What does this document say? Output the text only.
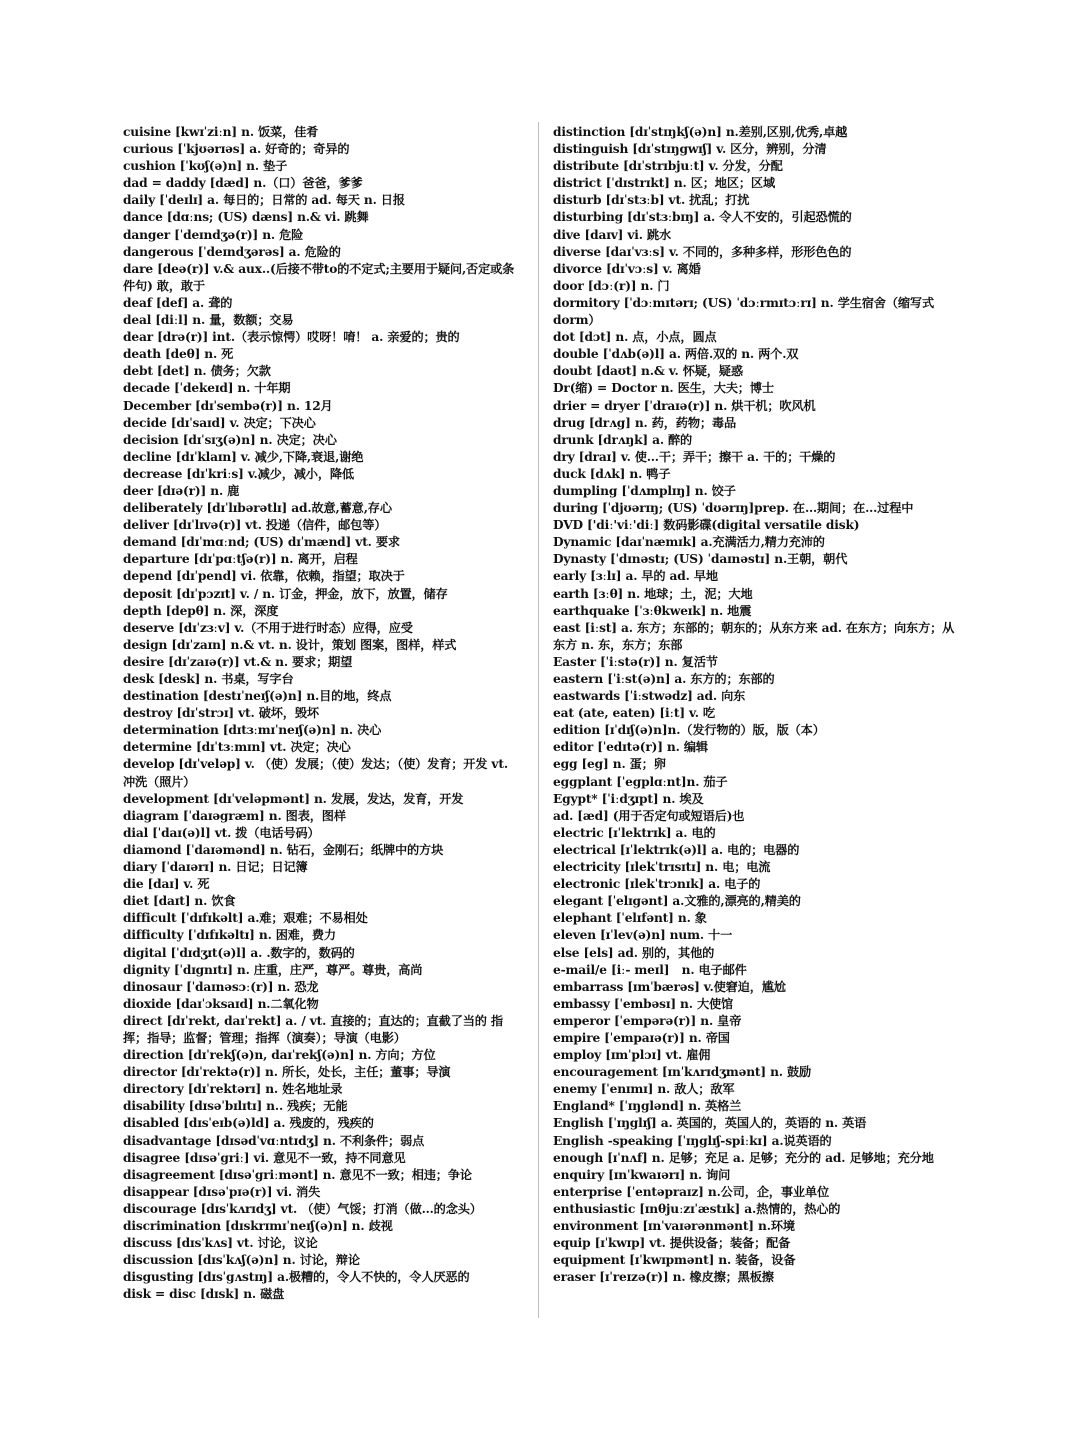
cuisine [kwɪˈziːn] n. 饭菜，佳肴
curious [ˈkjʊərɪəs] a. 好奇的；奇异的
cushion [ˈkʊʃ(ə)n] n. 垫子
dad = daddy [dæd] n.（口）爸爸，爹爹
daily [ˈdeɪlɪ] a. 每日的；日常的 ad. 每天 n. 日报
dance [dɑːns; (US) dæns] n.& vi. 跳舞
danger [ˈdeɪndʒə(r)] n. 危险
dangerous [ˈdeɪndʒərəs] a. 危险的
dare [deə(r)] v.& aux..(后接不带to的不定式;主要用于疑问,否定或条件句) 敢，敢于
deaf [def] a. 聋的
deal [diːl] n. 量，数额；交易
dear [drə(r)] int.（表示惊愕）哎呀！唷！ a. 亲爱的；贵的
death [deθ] n. 死
debt [det] n. 债务；欠款
decade [ˈdekeɪd] n. 十年期
December [dɪˈsembə(r)] n. 12月
decide [dɪˈsaɪd] v. 决定；下决心
decision [dɪˈsɪʒ(ə)n] n. 决定；决心
decline [dɪˈklaɪn] v. 减少,下降,衰退,谢绝
decrease [dɪˈkriːs] v.减少，减小，降低
deer [dɪə(r)] n. 鹿
deliberately [dɪˈlɪbərətlɪ] ad.故意,蓄意,存心
deliver [dɪˈlɪvə(r)] vt. 投递（信件，邮包等）
demand [dɪˈmɑːnd; (US) dɪˈmænd] vt. 要求
departure [dɪˈpɑːtʃə(r)] n. 离开，启程
depend [dɪˈpend] vi. 依靠，依赖，指望；取决于
deposit [dɪˈpɔzɪt] v. / n. 订金，押金，放下，放置，储存
depth [depθ] n. 深，深度
deserve [dɪˈzɜːv] v.（不用于进行时态）应得，应受
design [dɪˈzaɪn] n.& vt. n. 设计，策划 图案，图样，样式
desire [dɪˈzaɪə(r)] vt.& n. 要求；期望
desk [desk] n. 书桌，写字台
destination [destɪˈneɪʃ(ə)n] n.目的地，终点
destroy [dɪˈstrɔɪ] vt. 破坏，毁坏
determination [dɪtɜːmɪˈneɪʃ(ə)n] n. 决心
determine [dɪˈtɜːmɪn] vt. 决定；决心
develop [dɪˈveləp] v. （使）发展；（使）发达；（使）发育；开发 vt. 冲洗（照片）
development [dɪˈveləpmənt] n. 发展，发达，发育，开发
diagram [ˈdaɪəgræm] n. 图表，图样
dial [ˈdaɪ(ə)l] vt. 拨（电话号码）
diamond [ˈdaɪəmənd] n. 钻石，金刚石；纸牌中的方块
diary [ˈdaɪərɪ] n. 日记；日记簿
die [daɪ] v. 死
diet [daɪt] n. 饮食
difficult [ˈdɪfɪkəlt] a.难；艰难；不易相处
difficulty [ˈdɪfɪkəltɪ] n. 困难，费力
digital [ˈdɪdʒɪt(ə)l] a. .数字的，数码的
dignity [ˈdɪgnɪtɪ] n. 庄重，庄严，尊严。尊贵，高尚
dinosaur [ˈdaɪnəsɔː(r)] n. 恐龙
dioxide [daɪˈɔksaɪd] n.二氧化物
direct [dɪˈrekt, daɪˈrekt] a. / vt. 直接的；直达的；直截了当的 指挥；指导；监督；管理；指挥（演奏）；导演（电影）
direction [dɪˈrekʃ(ə)n, daɪˈrekʃ(ə)n] n. 方向；方位
director [dɪˈrektə(r)] n. 所长，处长，主任；董事；导演
directory [dɪˈrektərɪ] n. 姓名地址录
disability [dɪsəˈbɪlɪtɪ] n.. 残疾；无能
disabled [dɪsˈeɪb(ə)ld] a. 残废的，残疾的
disadvantage [dɪsədˈvɑːntɪdʒ] n. 不利条件；弱点
disagree [dɪsəˈgriː] vi. 意见不一致，持不同意见
disagreement [dɪsəˈgriːmənt] n. 意见不一致；相违；争论
disappear [dɪsəˈpɪə(r)] vi. 消失
discourage [dɪsˈkʌrɪdʒ] vt. （使）气馁；打消（做…的念头）
discrimination [dɪskrɪmɪˈneɪʃ(ə)n] n. 歧视
discuss [dɪsˈkʌs] vt. 讨论，议论
discussion [dɪsˈkʌʃ(ə)n] n. 讨论，辩论
disgusting [dɪsˈgʌstɪŋ] a.极糟的，令人不快的，令人厌恶的
disk = disc [dɪsk] n. 磁盘
distinction [dɪˈstɪŋkʃ(ə)n] n.差别,区别,优秀,卓越
distinguish [dɪˈstɪŋgwɪʃ] v. 区分，辨别，分清
distribute [dɪˈstrɪbjuːt] v. 分发，分配
district [ˈdɪstrɪkt] n. 区；地区；区域
disturb [dɪˈstɜːb] vt. 扰乱；打扰
disturbing [dɪˈstɜːbɪŋ] a. 令人不安的，引起恐慌的
dive [daɪv] vi. 跳水
diverse [daɪˈvɜːs] v. 不同的，多种多样，形形色色的
divorce [dɪˈvɔːs] v. 离婚
door [dɔː(r)] n. 门
dormitory [ˈdɔːmɪtərɪ; (US) ˈdɔːrmɪtɔːrɪ] n. 学生宿舍（缩写式dorm）
dot [dɔt] n. 点，小点，圆点
double [ˈdʌb(ə)l] a. 两倍.双的 n. 两个.双
doubt [daʊt] n.& v. 怀疑，疑惑
Dr(缩) = Doctor n. 医生，大夫；博士
drier = dryer [ˈdraɪə(r)] n. 烘干机；吹风机
drug [drʌg] n. 药，药物；毒品
drunk [drʌŋk] a. 醉的
dry [draɪ] v. 使…干；弄干；擦干 a. 干的；干燥的
duck [dʌk] n. 鸭子
dumpling [ˈdʌmplɪŋ] n. 饺子
during [ˈdjʊərɪŋ; (US) ˈdʊərɪŋ]prep. 在…期间；在…过程中
DVD ['diː'viː'diː] 数码影碟(digital versatile disk)
Dynamic [daɪˈnæmɪk] a.充满活力,精力充沛的
Dynasty [ˈdɪnəstɪ; (US) ˈdaɪnəstɪ] n.王朝，朝代
early [ɜːlɪ] a. 早的 ad. 早地
earth [ɜːθ] n. 地球；土，泥；大地
earthquake [ˈɜːθkweɪk] n. 地震
east [iːst] a. 东方；东部的；朝东的；从东方来 ad. 在东方；向东方；从东方 n. 东，东方；东部
Easter [ˈiːstə(r)] n. 复活节
eastern [ˈiːst(ə)n] a. 东方的；东部的
eastwards [ˈiːstwədz] ad. 向东
eat (ate, eaten) [iːt] v. 吃
edition [ɪˈdɪʃ(ə)n]n.（发行物的）版，版（本）
editor [ˈedɪtə(r)] n. 编辑
egg [eg] n. 蛋；卵
eggplant [ˈegplɑːnt]n. 茄子
Egypt* [ˈiːdʒɪpt] n. 埃及
ad. [æd] (用于否定句或短语后)也
electric [ɪˈlektrɪk] a. 电的
electrical [ɪˈlektrɪk(ə)l] a. 电的；电器的
electricity [ɪlekˈtrɪsɪtɪ] n. 电；电流
electronic [ɪlekˈtrɔnɪk] a. 电子的
elegant [ˈelɪgənt] a.文雅的,漂亮的,精美的
elephant [ˈelɪfənt] n. 象
eleven [ɪˈlev(ə)n] num. 十一
else [els] ad. 别的，其他的
e-mail/e [iː- meɪl]   n. 电子邮件
embarrass [ɪmˈbærəs] v.使窘迫，尴尬
embassy [ˈembəsɪ] n. 大使馆
emperor [ˈempərə(r)] n. 皇帝
empire [ˈempaɪə(r)] n. 帝国
employ [ɪmˈplɔɪ] vt. 雇佣
encouragement [ɪnˈkʌrɪdʒmənt] n. 鼓励
enemy [ˈenɪmɪ] n. 敌人；敌军
England* [ˈɪŋglənd] n. 英格兰
English [ˈɪŋglɪʃ] a. 英国的，英国人的，英语的 n. 英语
English -speaking [ˈɪŋglɪʃ-spiːkɪ] a.说英语的
enough [ɪˈnʌf] n. 足够；充足 a. 足够；充分的 ad. 足够地；充分地
enquiry [ɪnˈkwaɪərɪ] n. 询问
enterprise [ˈentəpraɪz] n.公司，企，事业单位
enthusiastic [ɪnθjuːzɪˈæstɪk] a.热情的，热心的
environment [ɪnˈvaɪərənmənt] n.环境
equip [ɪˈkwɪp] vt. 提供设备；装备；配备
equipment [ɪˈkwɪpmənt] n. 装备，设备
eraser [ɪˈreɪzə(r)] n. 橡皮擦；黑板擦
